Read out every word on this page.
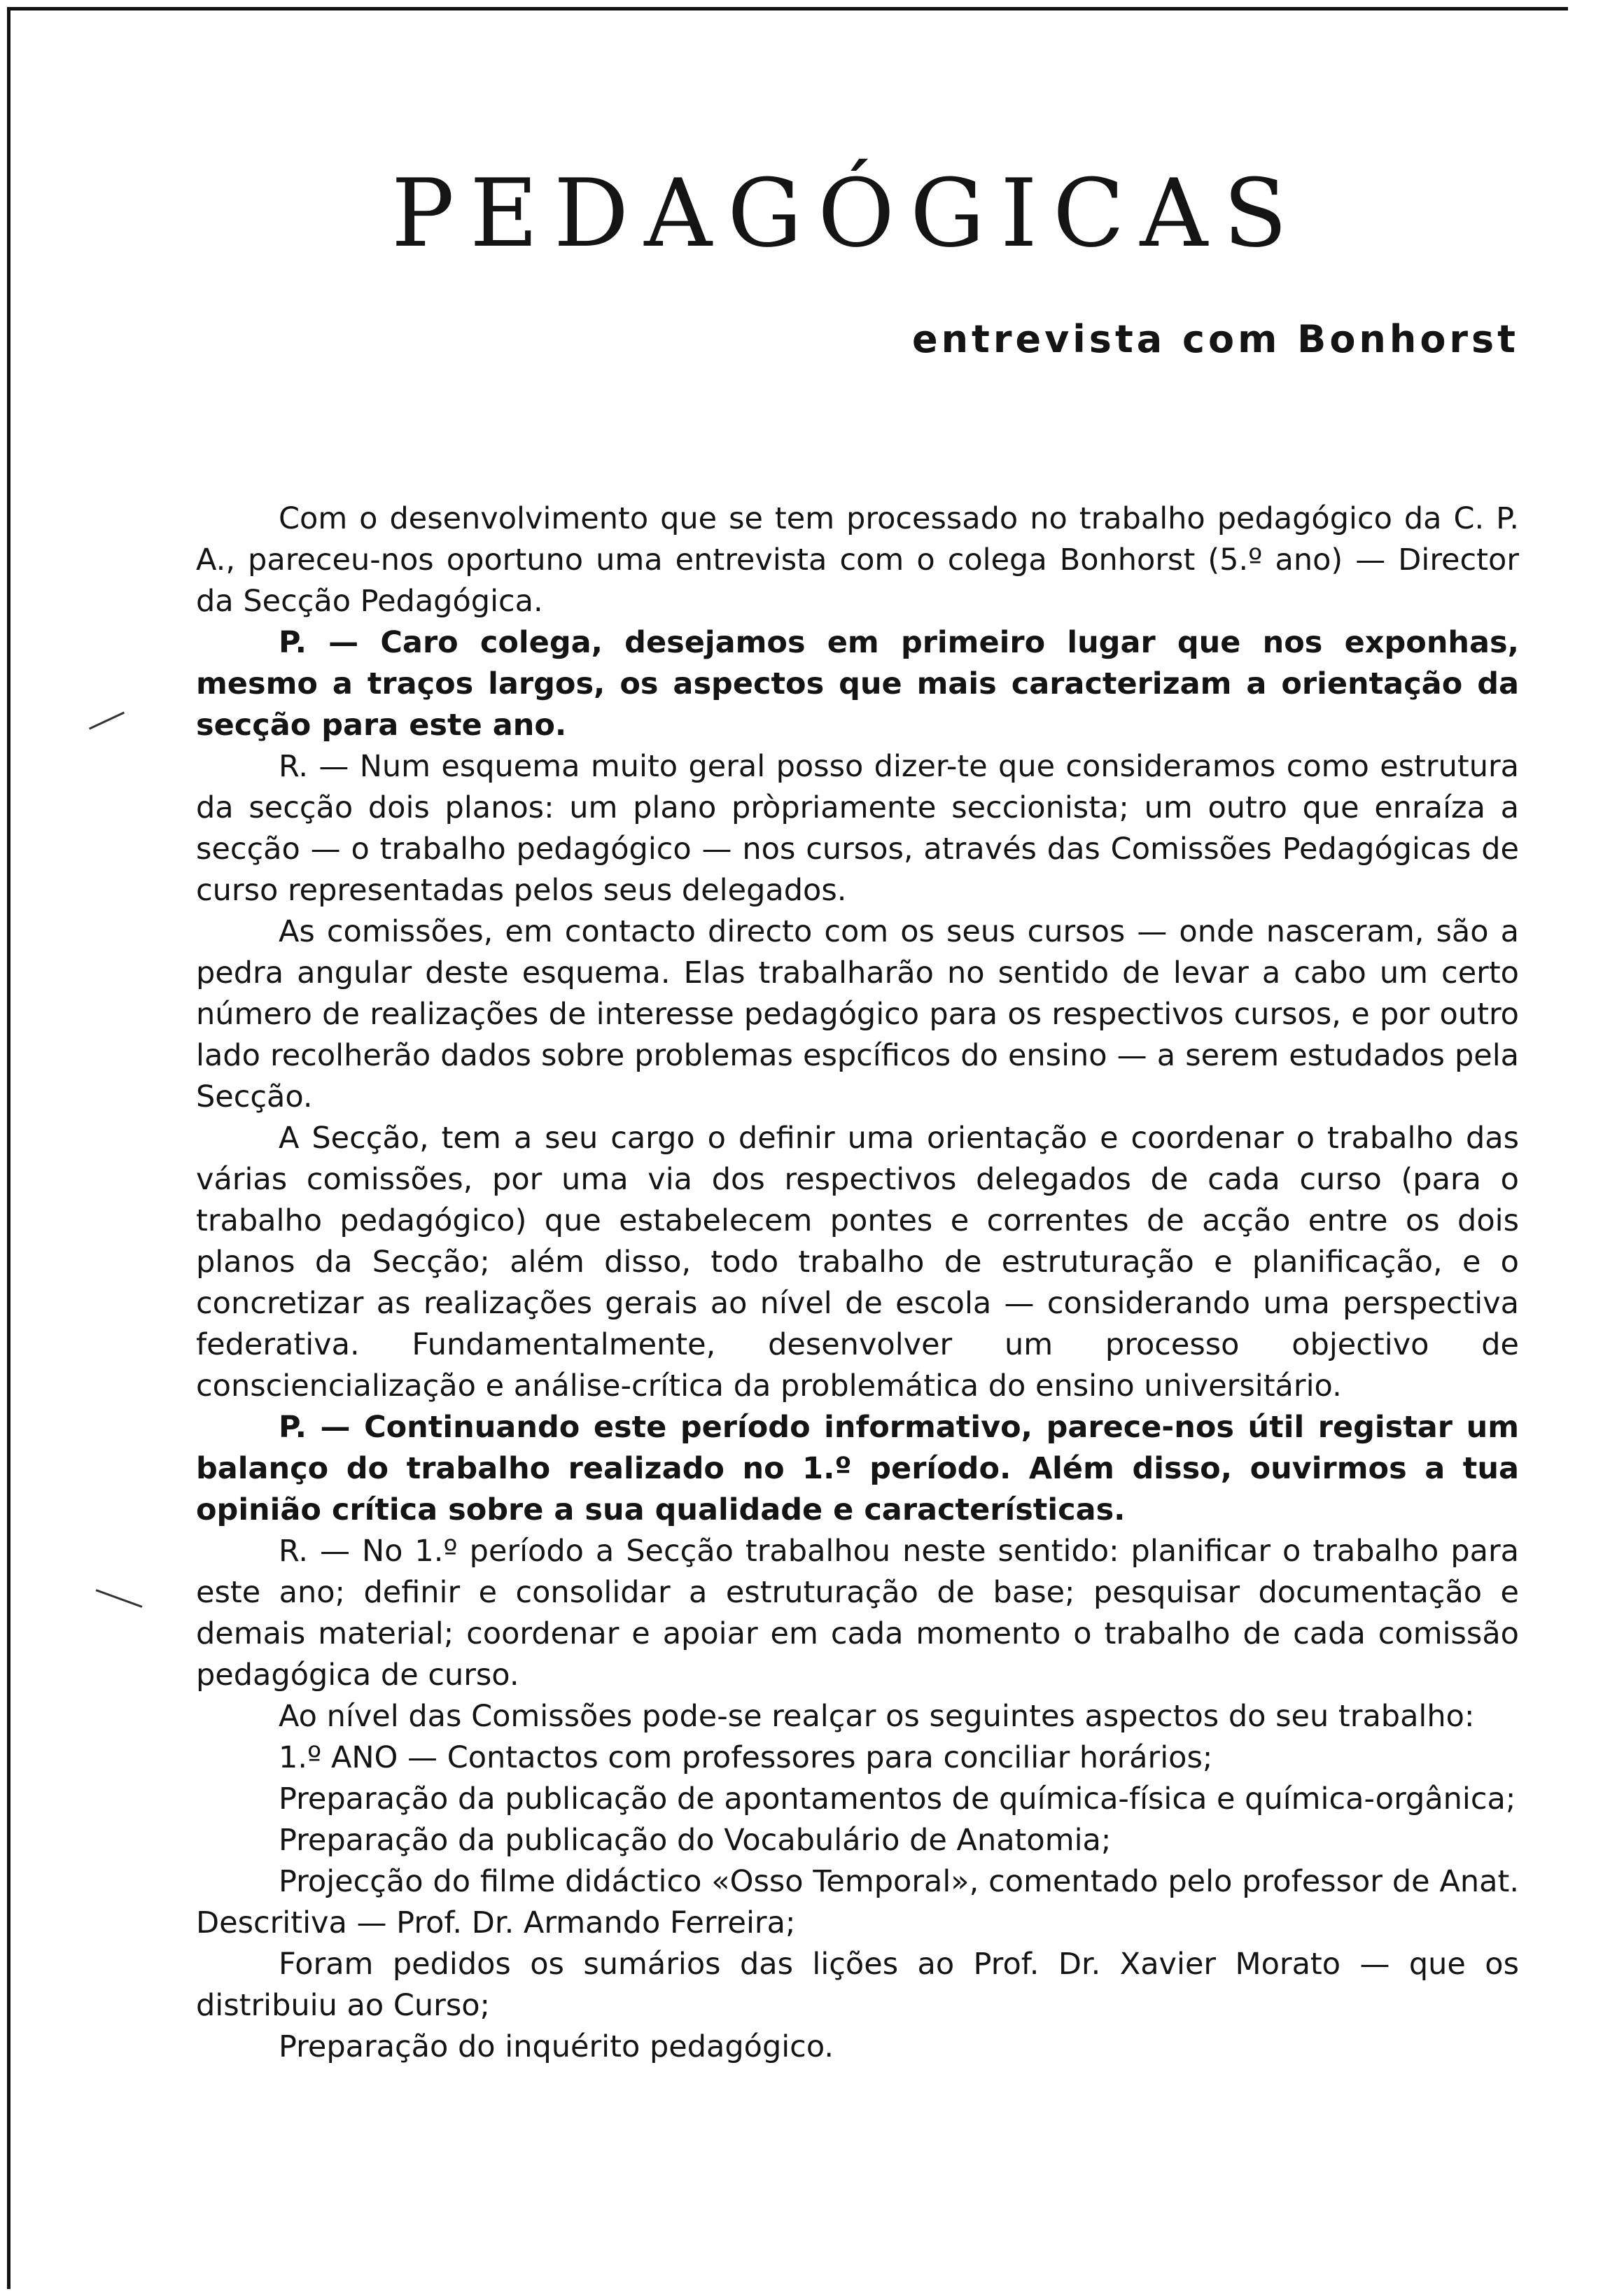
PEDAGÓGICAS
entrevista com Bonhorst

Com o desenvolvimento que se tem processado no trabalho pedagógico da C. P. A., pareceu-nos oportuno uma entrevista com o colega Bonhorst (5.º ano) — Director da Secção Pedagógica.

P. — Caro colega, desejamos em primeiro lugar que nos exponhas, mesmo a traços largos, os aspectos que mais caracterizam a orientação da secção para este ano.

R. — Num esquema muito geral posso dizer-te que consideramos como estrutura da secção dois planos: um plano pròpriamente seccionista; um outro que enraíza a secção — o trabalho pedagógico — nos cursos, através das Comissões Pedagógicas de curso representadas pelos seus delegados.

As comissões, em contacto directo com os seus cursos — onde nasceram, são a pedra angular deste esquema. Elas trabalharão no sentido de levar a cabo um certo número de realizações de interesse pedagógico para os respectivos cursos, e por outro lado recolherão dados sobre problemas espcíficos do ensino — a serem estudados pela Secção.

A Secção, tem a seu cargo o definir uma orientação e coordenar o trabalho das várias comissões, por uma via dos respectivos delegados de cada curso (para o trabalho pedagógico) que estabelecem pontes e correntes de acção entre os dois planos da Secção; além disso, todo trabalho de estruturação e planificação, e o concretizar as realizações gerais ao nível de escola — considerando uma perspectiva federativa. Fundamentalmente, desenvolver um processo objectivo de consciencialização e análise-crítica da problemática do ensino universitário.

P. — Continuando este período informativo, parece-nos útil registar um balanço do trabalho realizado no 1.º período. Além disso, ouvirmos a tua opinião crítica sobre a sua qualidade e características.

R. — No 1.º período a Secção trabalhou neste sentido: planificar o trabalho para este ano; definir e consolidar a estruturação de base; pesquisar documentação e demais material; coordenar e apoiar em cada momento o trabalho de cada comissão pedagógica de curso.

Ao nível das Comissões pode-se realçar os seguintes aspectos do seu trabalho:

1.º ANO — Contactos com professores para conciliar horários;

Preparação da publicação de apontamentos de química-física e química-orgânica;

Preparação da publicação do Vocabulário de Anatomia;

Projecção do filme didáctico «Osso Temporal», comentado pelo professor de Anat. Descritiva — Prof. Dr. Armando Ferreira;

Foram pedidos os sumários das lições ao Prof. Dr. Xavier Morato — que os distribuiu ao Curso;

Preparação do inquérito pedagógico.
